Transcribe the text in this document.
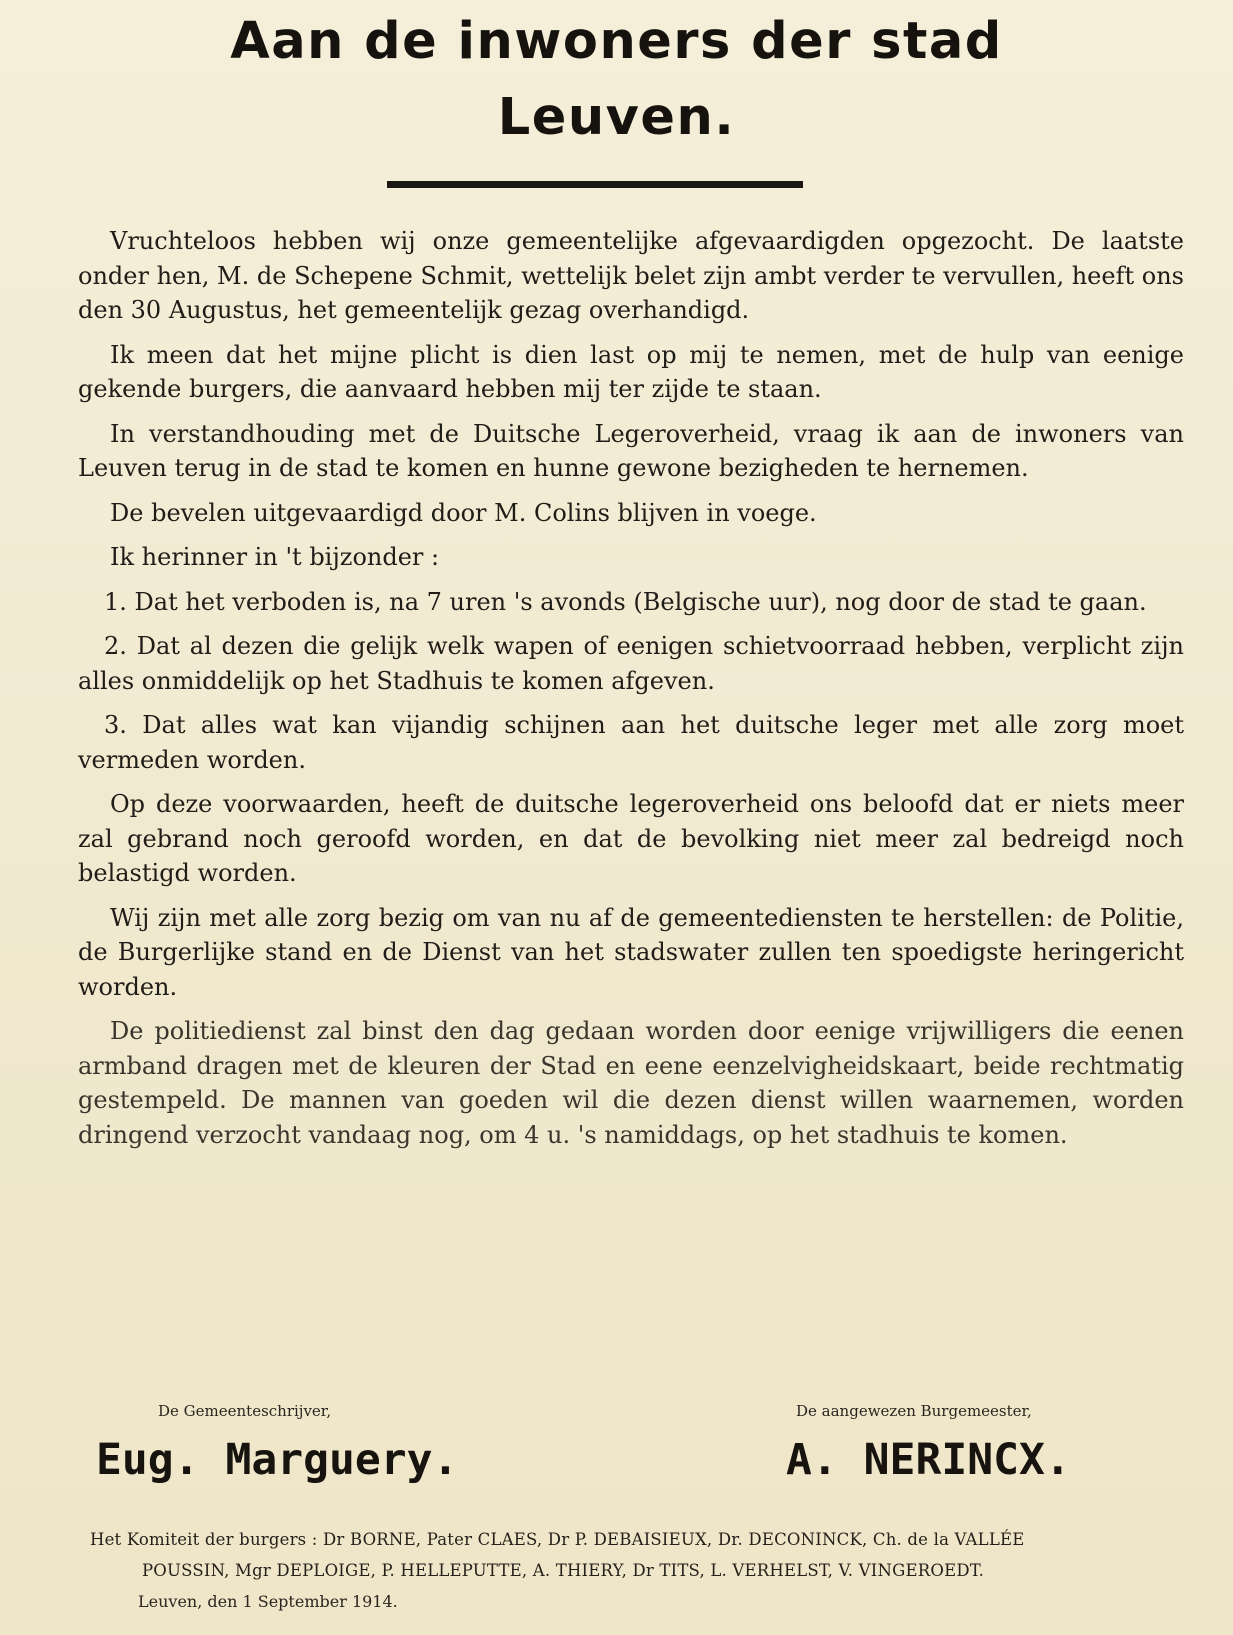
Aan de inwoners der stad
Leuven.

Vruchteloos hebben wij onze gemeentelijke afgevaardigden opgezocht. De laatste onder hen, M. de Schepene Schmit, wettelijk belet zijn ambt verder te vervullen, heeft ons den 30 Augustus, het gemeentelijk gezag overhandigd.

Ik meen dat het mijne plicht is dien last op mij te nemen, met de hulp van eenige gekende burgers, die aanvaard hebben mij ter zijde te staan.

In verstandhouding met de Duitsche Legeroverheid, vraag ik aan de inwoners van Leuven terug in de stad te komen en hunne gewone bezigheden te hernemen.

De bevelen uitgevaardigd door M. Colins blijven in voege.

Ik herinner in 't bijzonder :

1. Dat het verboden is, na 7 uren 's avonds (Belgische uur), nog door de stad te gaan.

2. Dat al dezen die gelijk welk wapen of eenigen schietvoorraad hebben, verplicht zijn alles onmiddelijk op het Stadhuis te komen afgeven.

3. Dat alles wat kan vijandig schijnen aan het duitsche leger met alle zorg moet vermeden worden.

Op deze voorwaarden, heeft de duitsche legeroverheid ons beloofd dat er niets meer zal gebrand noch geroofd worden, en dat de bevolking niet meer zal bedreigd noch belastigd worden.

Wij zijn met alle zorg bezig om van nu af de gemeentediensten te herstellen: de Politie, de Burgerlijke stand en de Dienst van het stadswater zullen ten spoedigste heringericht worden.

De politiedienst zal binst den dag gedaan worden door eenige vrijwilligers die eenen armband dragen met de kleuren der Stad en eene eenzelvigheidskaart, beide rechtmatig gestempeld. De mannen van goeden wil die dezen dienst willen waarnemen, worden dringend verzocht vandaag nog, om 4 u. 's namiddags, op het stadhuis te komen.

De Gemeenteschrijver,
Eug. Marguery.
De aangewezen Burgemeester,
A. NERINCX.
Het Komiteit der burgers : Dr BORNE, Pater CLAES, Dr P. DEBAISIEUX, Dr. DECONINCK, Ch. de la VALLÉE
POUSSIN, Mgr DEPLOIGE, P. HELLEPUTTE, A. THIERY, Dr TITS, L. VERHELST, V. VINGEROEDT.
Leuven, den 1 September 1914.
